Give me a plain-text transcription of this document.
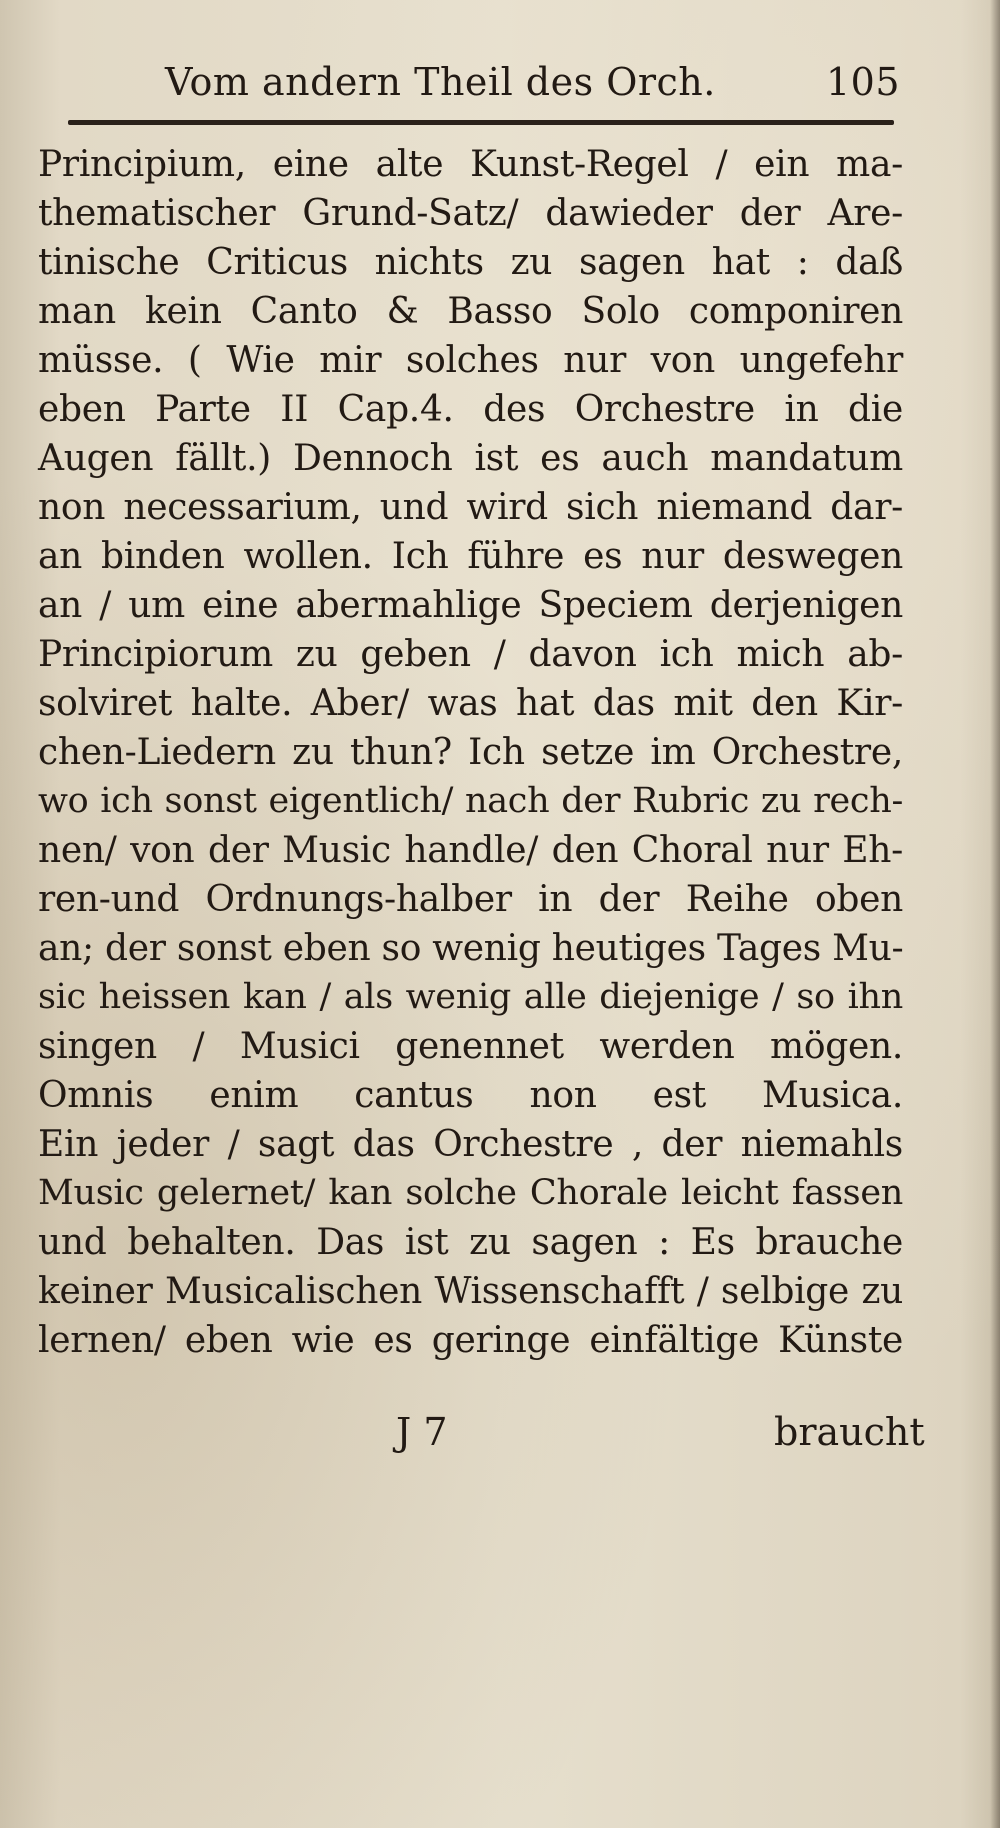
Vom andern Theil des Orch.	105
Principium, eine alte Kunst-Regel / ein ma-
thematischer Grund-Satz/ dawieder der Are-
tinische Criticus nichts zu sagen hat : daß
man kein Canto & Basso Solo componiren
müsse. ( Wie mir solches nur von ungefehr
eben Parte II Cap.4. des Orchestre in die
Augen fällt.) Dennoch ist es auch mandatum
non necessarium, und wird sich niemand dar-
an binden wollen. Ich führe es nur deswegen
an / um eine abermahlige Speciem derjenigen
Principiorum zu geben / davon ich mich ab-
solviret halte. Aber/ was hat das mit den Kir-
chen-Liedern zu thun? Ich setze im Orchestre,
wo ich sonst eigentlich/ nach der Rubric zu rech-
nen/ von der Music handle/ den Choral nur Eh-
ren-und Ordnungs-halber in der Reihe oben
an; der sonst eben so wenig heutiges Tages Mu-
sic heissen kan / als wenig alle diejenige / so ihn
singen / Musici genennet werden mögen.
Omnis enim cantus non est Musica.
Ein jeder / sagt das Orchestre , der niemahls
Music gelernet/ kan solche Chorale leicht fassen
und behalten. Das ist zu sagen : Es brauche
keiner Musicalischen Wissenschafft / selbige zu
lernen/ eben wie es geringe einfältige Künste
J 7	braucht
